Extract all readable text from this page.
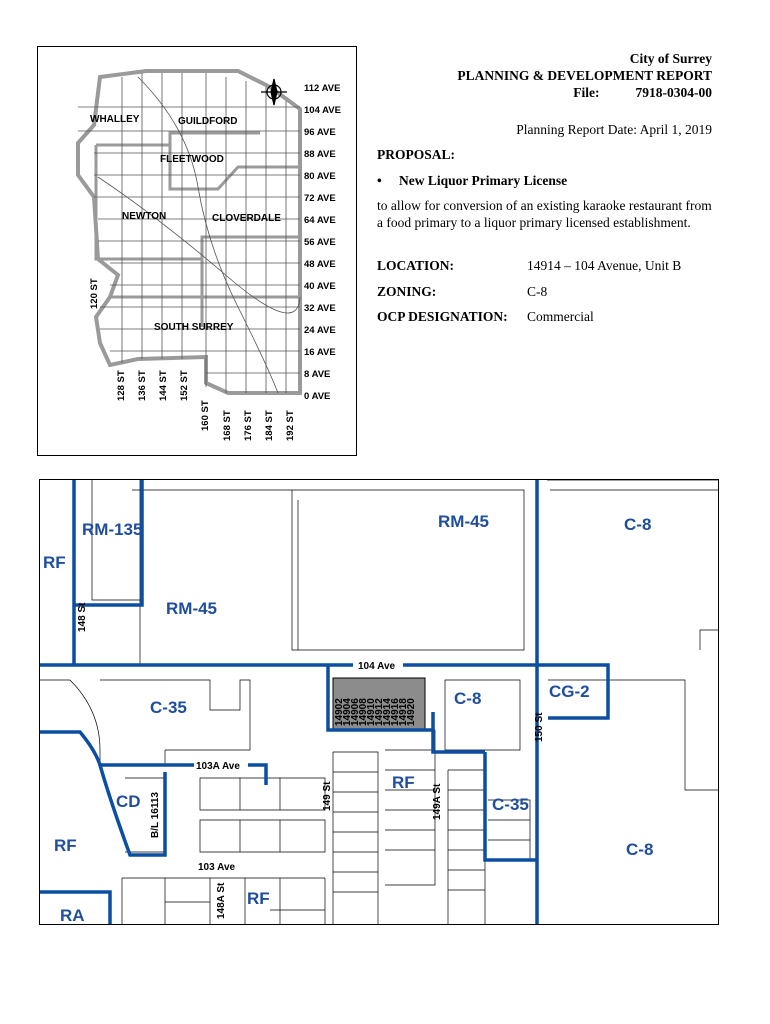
WHALLEY	GUILDFORD
FLEETWOOD
NEWTON	CLOVERDALE
SOUTH SURREY
112 AVE
104 AVE
96 AVE
88 AVE
80 AVE
72 AVE
64 AVE
56 AVE
48 AVE
40 AVE
32 AVE
24 AVE
16 AVE
8 AVE
0 AVE
120 ST
128 ST 136 ST 144 ST 152 ST
160 ST 168 ST 176 ST 184 ST 192 ST
City of Surrey
PLANNING & DEVELOPMENT REPORT
File:	7918-0304-00
Planning Report Date: April 1, 2019
PROPOSAL:
• New Liquor Primary License
to allow for conversion of an existing karaoke restaurant from a food primary to a liquor primary licensed establishment.
LOCATION:	14914 – 104 Avenue, Unit B
ZONING:	C-8
OCP DESIGNATION: Commercial
14902
14904
14906
14908
14910
14912
14914
14916
14918
14920
RM-135
RF
RM-45
RM-45
C-8
C-35	C-8	CG-2
CD
RF
C-35
RF	C-8
RF
RA
104 Ave
103A Ave
103 Ave
148 St
148A St
149 St	149A St
150 St
B/L 16113
